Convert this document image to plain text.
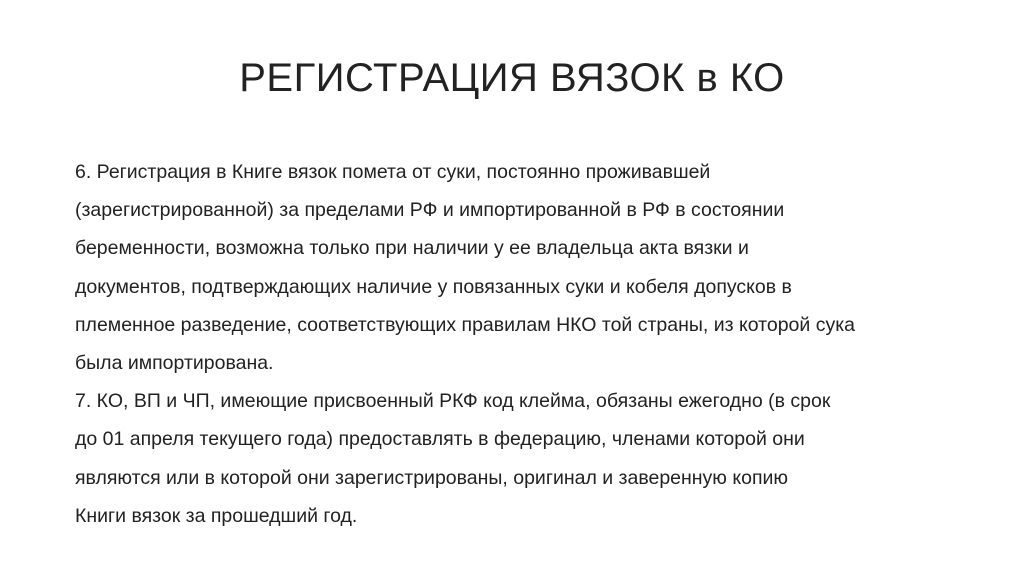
РЕГИСТРАЦИЯ ВЯЗОК в КО

6. Регистрация в Книге вязок помета от суки, постоянно проживавшей
(зарегистрированной) за пределами РФ и импортированной в РФ в состоянии
беременности, возможна только при наличии у ее владельца акта вязки и
документов, подтверждающих наличие у повязанных суки и кобеля допусков в
племенное разведение, соответствующих правилам НКО той страны, из которой сука
была импортирована.

7. КО, ВП и ЧП, имеющие присвоенный РКФ код клейма, обязаны ежегодно (в срок
до 01 апреля текущего года) предоставлять в федерацию, членами которой они
являются или в которой они зарегистрированы, оригинал и заверенную копию
Книги вязок за прошедший год.
